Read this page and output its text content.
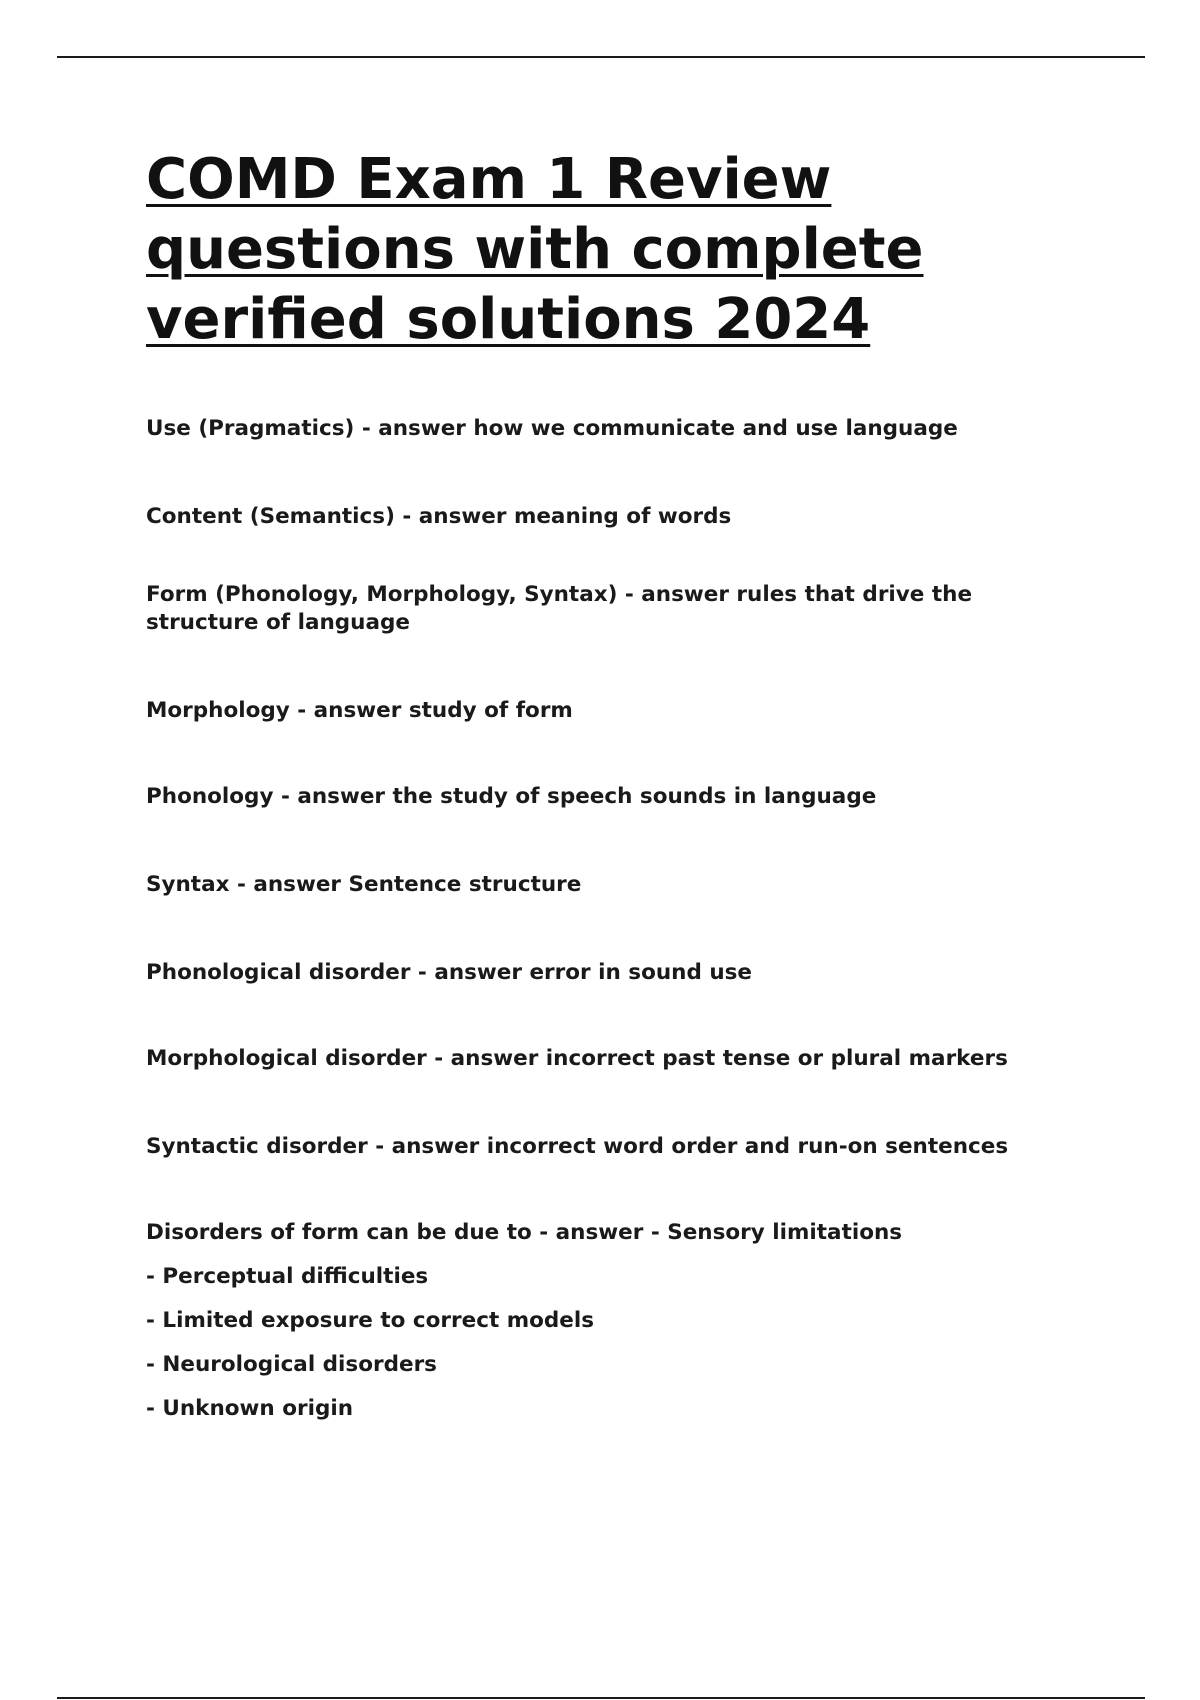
COMD Exam 1 Review questions with complete verified solutions 2024
Use (Pragmatics) - answer how we communicate and use language
Content (Semantics) - answer meaning of words
Form (Phonology, Morphology, Syntax) - answer rules that drive the structure of language
Morphology - answer study of form
Phonology - answer the study of speech sounds in language
Syntax - answer Sentence structure
Phonological disorder - answer error in sound use
Morphological disorder - answer incorrect past tense or plural markers
Syntactic disorder - answer incorrect word order and run-on sentences
Disorders of form can be due to - answer - Sensory limitations
- Perceptual difficulties
- Limited exposure to correct models
- Neurological disorders
- Unknown origin
